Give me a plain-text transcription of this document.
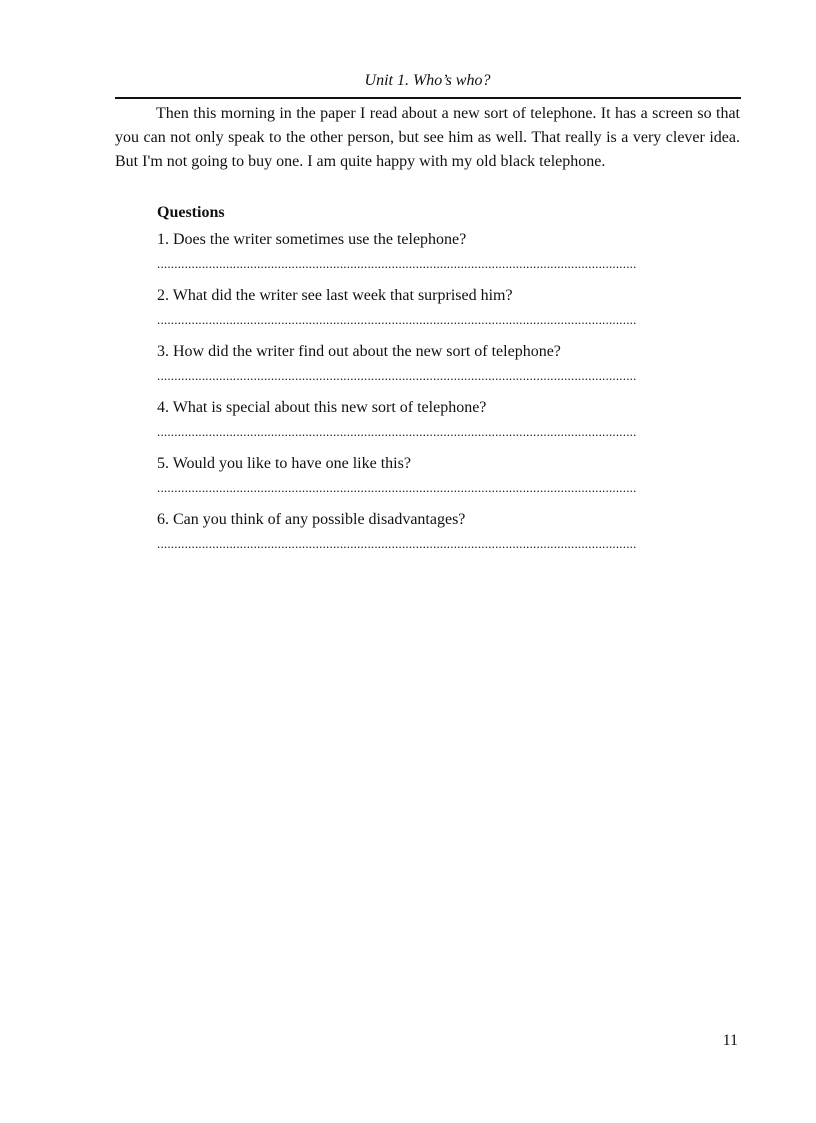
Unit 1. Who’s who?

Then this morning in the paper I read about a new sort of telephone. It has a screen so that you can not only speak to the other person, but see him as well. That really is a very clever idea. But I'm not going to buy one. I am quite happy with my old black telephone.

Questions
1. Does the writer sometimes use the telephone?
...........................................................................................................................................
2. What did the writer see last week that surprised him?
...........................................................................................................................................
3. How did the writer find out about the new sort of telephone?
...........................................................................................................................................
4. What is special about this new sort of telephone?
...........................................................................................................................................
5. Would you like to have one like this?
...........................................................................................................................................
6. Can you think of any possible disadvantages?
...........................................................................................................................................
11
